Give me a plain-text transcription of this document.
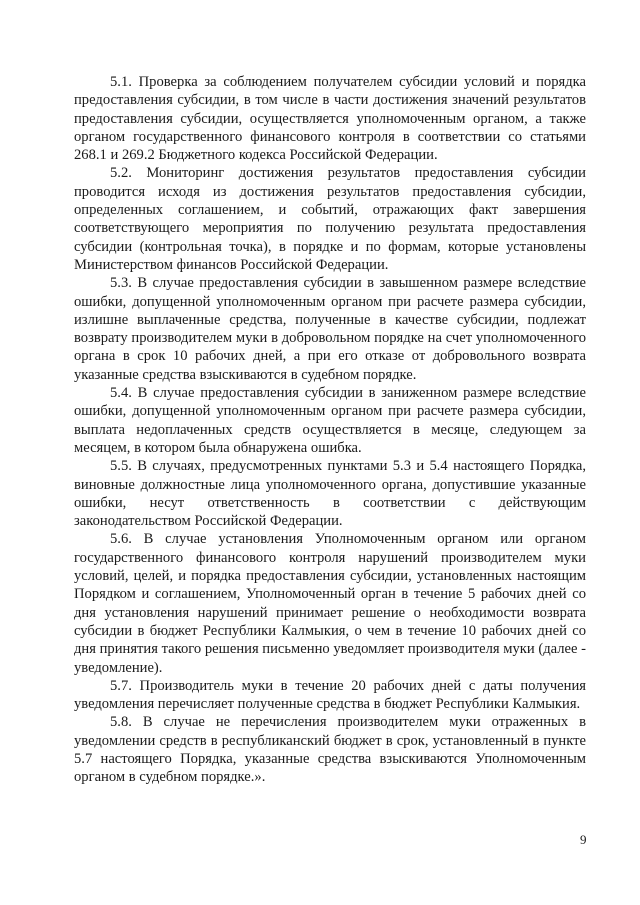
5.1. Проверка за соблюдением получателем субсидии условий и порядка предоставления субсидии, в том числе в части достижения значений результатов предоставления субсидии, осуществляется уполномоченным органом, а также органом государственного финансового контроля в соответствии со статьями 268.1 и 269.2 Бюджетного кодекса Российской Федерации.

5.2. Мониторинг достижения результатов предоставления субсидии проводится исходя из достижения результатов предоставления субсидии, определенных соглашением, и событий, отражающих факт завершения соответствующего мероприятия по получению результата предоставления субсидии (контрольная точка), в порядке и по формам, которые установлены Министерством финансов Российской Федерации.

5.3. В случае предоставления субсидии в завышенном размере вследствие ошибки, допущенной уполномоченным органом при расчете размера субсидии, излишне выплаченные средства, полученные в качестве субсидии, подлежат возврату производителем муки в добровольном порядке на счет уполномоченного органа в срок 10 рабочих дней, а при его отказе от добровольного возврата указанные средства взыскиваются в судебном порядке.

5.4. В случае предоставления субсидии в заниженном размере вследствие ошибки, допущенной уполномоченным органом при расчете размера субсидии, выплата недоплаченных средств осуществляется в месяце, следующем за месяцем, в котором была обнаружена ошибка.

5.5. В случаях, предусмотренных пунктами 5.3 и 5.4 настоящего Порядка, виновные должностные лица уполномоченного органа, допустившие указанные ошибки, несут ответственность в соответствии с действующим законодательством Российской Федерации.

5.6. В случае установления Уполномоченным органом или органом государственного финансового контроля нарушений производителем муки условий, целей, и порядка предоставления субсидии, установленных настоящим Порядком и соглашением, Уполномоченный орган в течение 5 рабочих дней со дня установления нарушений принимает решение о необходимости возврата субсидии в бюджет Республики Калмыкия, о чем в течение 10 рабочих дней со дня принятия такого решения письменно уведомляет производителя муки (далее - уведомление).

5.7. Производитель муки в течение 20 рабочих дней с даты получения уведомления перечисляет полученные средства в бюджет Республики Калмыкия.

5.8. В случае не перечисления производителем муки отраженных в уведомлении средств в республиканский бюджет в срок, установленный в пункте 5.7 настоящего Порядка, указанные средства взыскиваются Уполномоченным органом в судебном порядке.».

9
